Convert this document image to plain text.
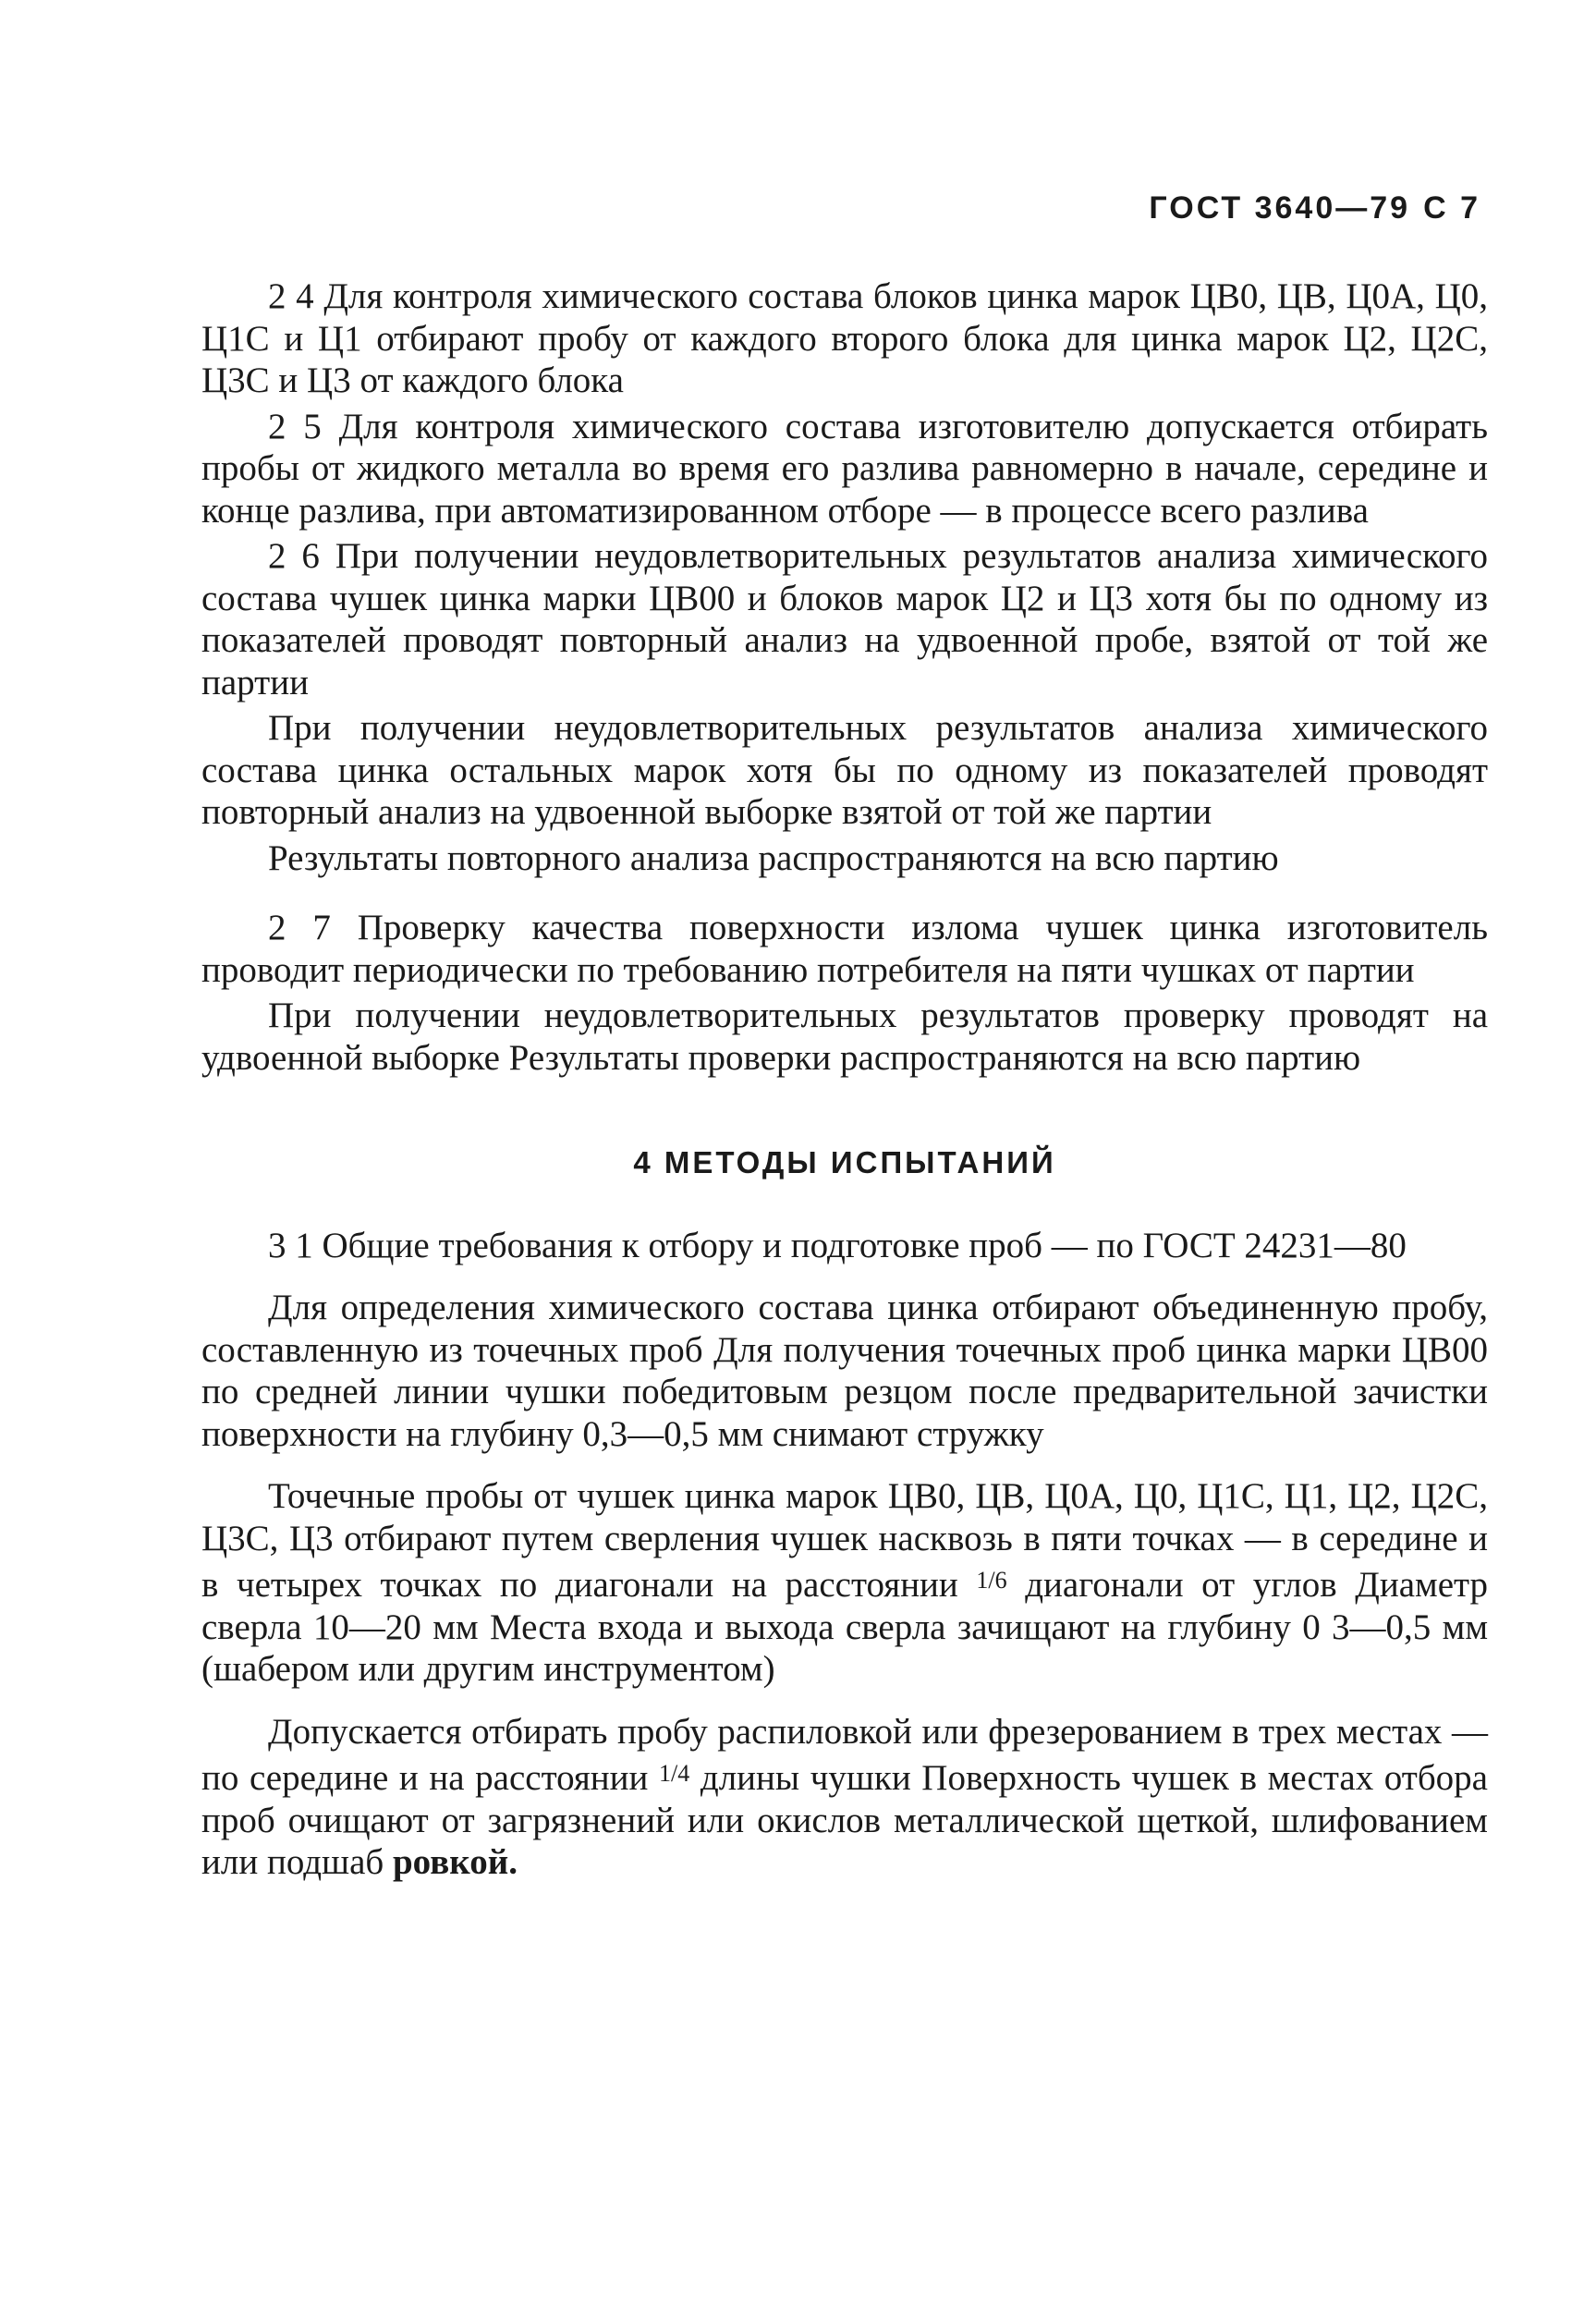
ГОСТ 3640—79 С 7

2 4 Для контроля химического состава блоков цинка марок ЦВ0, ЦВ, Ц0А, Ц0, Ц1С и Ц1 отбирают пробу от каждого второго блока для цинка марок Ц2, Ц2С, Ц3С и Ц3 от каждого блока

2 5 Для контроля химического состава изготовителю допускается отбирать пробы от жидкого металла во время его разлива равномерно в начале, середине и конце разлива, при автоматизированном отборе — в процессе всего разлива

2 6 При получении неудовлетворительных результатов анализа химического состава чушек цинка марки ЦВ00 и блоков марок Ц2 и Ц3 хотя бы по одному из показателей проводят повторный анализ на удвоенной пробе, взятой от той же партии

При получении неудовлетворительных результатов анализа химического состава цинка остальных марок хотя бы по одному из показателей проводят повторный анализ на удвоенной выборке взятой от той же партии

Результаты повторного анализа распространяются на всю партию

2 7 Проверку качества поверхности излома чушек цинка изготовитель проводит периодически по требованию потребителя на пяти чушках от партии

При получении неудовлетворительных результатов проверку проводят на удвоенной выборке Результаты проверки распространяются на всю партию

4 МЕТОДЫ ИСПЫТАНИЙ

3 1 Общие требования к отбору и подготовке проб — по ГОСТ 24231—80

Для определения химического состава цинка отбирают объединенную пробу, составленную из точечных проб Для получения точечных проб цинка марки ЦВ00 по средней линии чушки победитовым резцом после предварительной зачистки поверхности на глубину 0,3—0,5 мм снимают стружку

Точечные пробы от чушек цинка марок ЦВ0, ЦВ, Ц0А, Ц0, Ц1С, Ц1, Ц2, Ц2С, Ц3С, Ц3 отбирают путем сверления чушек насквозь в пяти точках — в середине и в четырех точках по диагонали на расстоянии $^{1/6}$ диагонали от углов Диаметр сверла 10—20 мм Места входа и выхода сверла зачищают на глубину 0 3—0,5 мм (шабером или другим инструментом)

Допускается отбирать пробу распиловкой или фрезерованием в трех местах — по середине и на расстоянии $^{1/4}$ длины чушки Поверхность чушек в местах отбора проб очищают от загрязнений или окислов металлической щеткой, шлифованием или подшаб ровкой.
